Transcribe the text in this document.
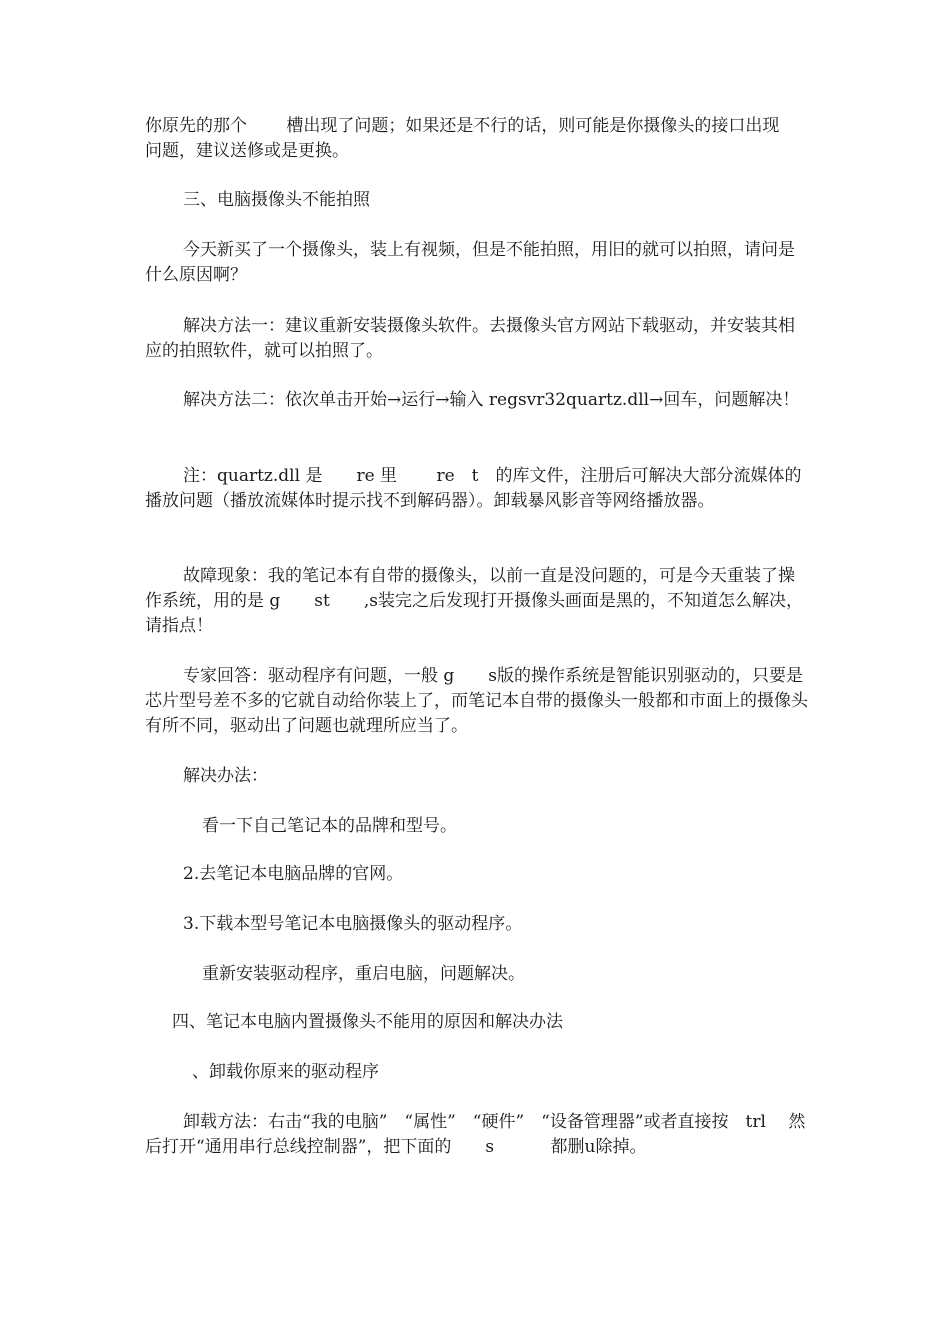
你原先的那个　　 槽出现了问题；如果还是不行的话，则可能是你摄像头的接口出现问题，建议送修或是更换。

三、电脑摄像头不能拍照

今天新买了一个摄像头，装上有视频，但是不能拍照，用旧的就可以拍照，请问是什么原因啊？

解决方法一：建议重新安装摄像头软件。去摄像头官方网站下载驱动，并安装其相应的拍照软件，就可以拍照了。

解决方法二：依次单击开始→运行→输入 regsvr32quartz.dll→回车，问题解决！

注：quartz.dll 是　　re 里　　 re　t　的库文件，注册后可解决大部分流媒体的播放问题（播放流媒体时提示找不到解码器）。卸载暴风影音等网络播放器。

故障现象：我的笔记本有自带的摄像头，以前一直是没问题的，可是今天重装了操作系统，用的是 g　　st　　,s装完之后发现打开摄像头画面是黑的，不知道怎么解决，请指点！

专家回答：驱动程序有问题，一般 g　　s版的操作系统是智能识别驱动的，只要是芯片型号差不多的它就自动给你装上了，而笔记本自带的摄像头一般都和市面上的摄像头有所不同，驱动出了问题也就理所应当了。

解决办法：

看一下自己笔记本的品牌和型号。

2.去笔记本电脑品牌的官网。

3.下载本型号笔记本电脑摄像头的驱动程序。

重新安装驱动程序，重启电脑，问题解决。

四、笔记本电脑内置摄像头不能用的原因和解决办法

、卸载你原来的驱动程序

卸载方法：右击“我的电脑”　“属性”　“硬件”　“设备管理器”或者直接按　trl　 然后打开“通用串行总线控制器”，把下面的　　s　　　 都删u除掉。
